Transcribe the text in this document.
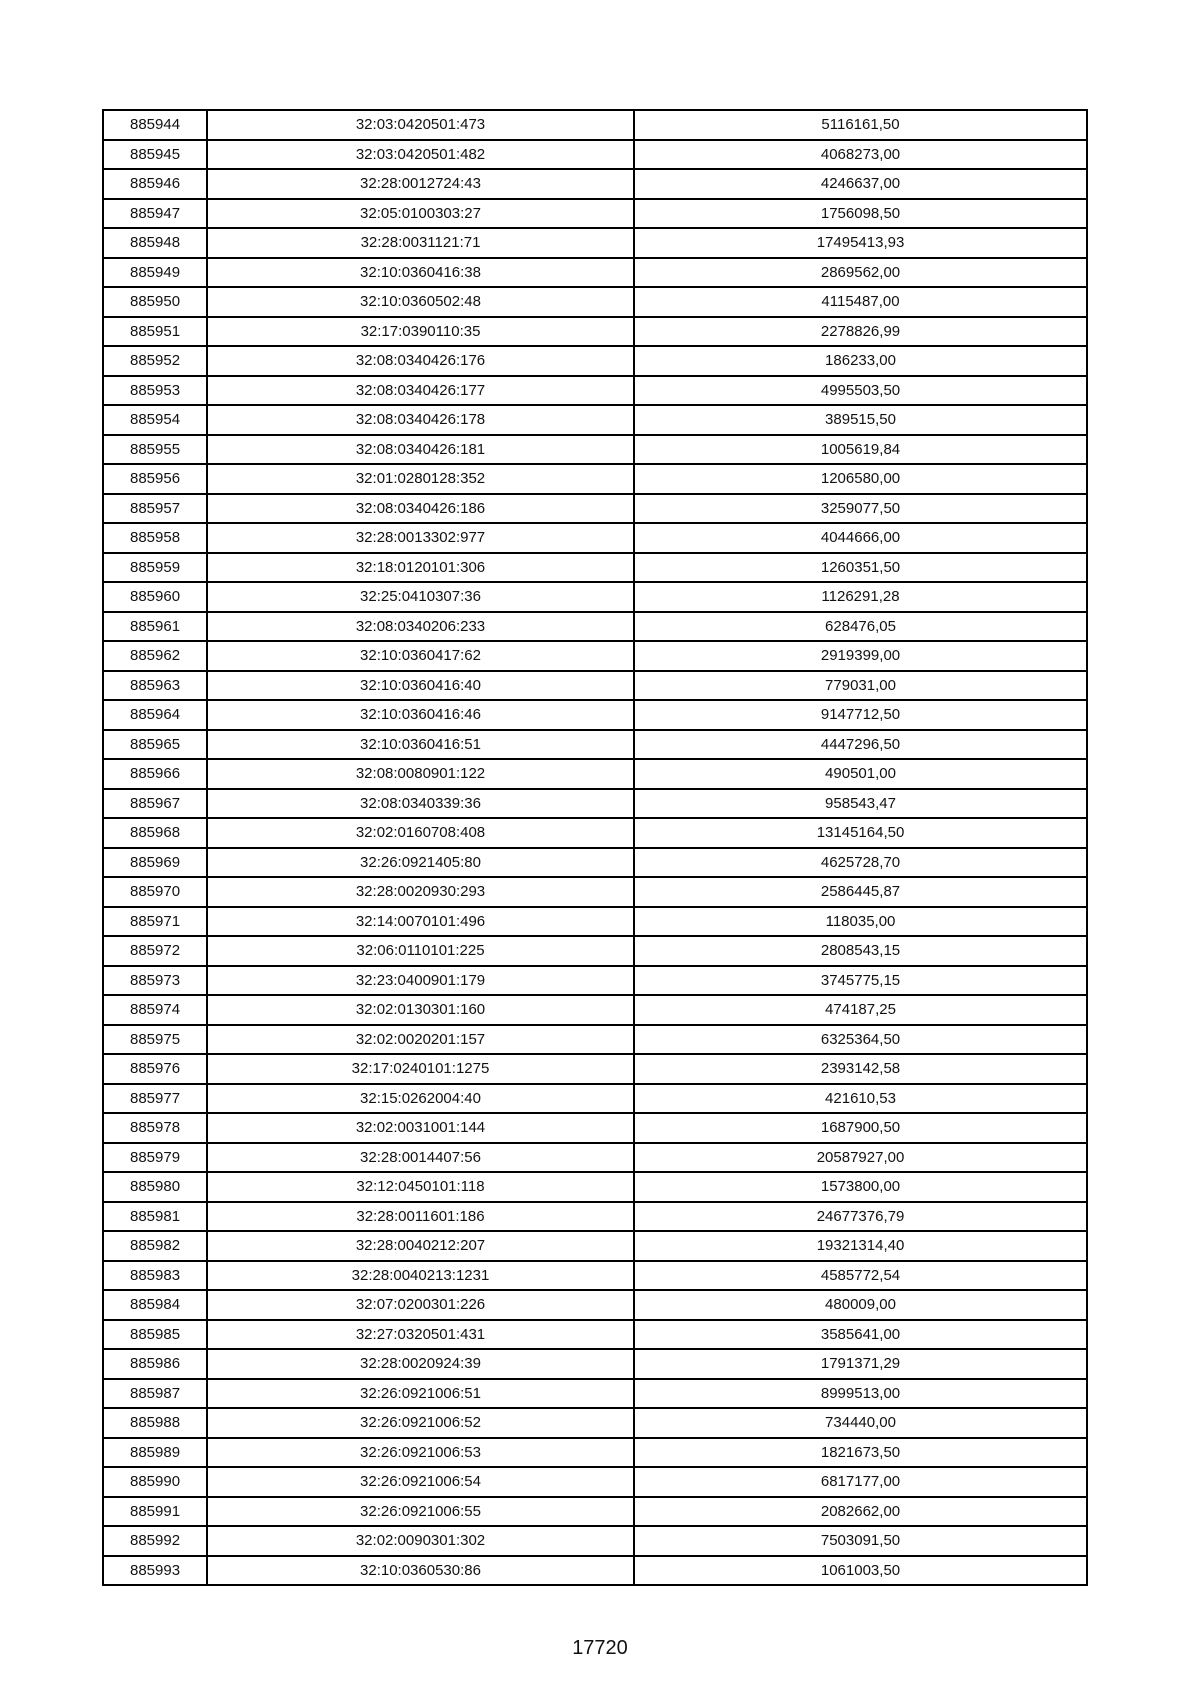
885944	32:03:0420501:473	5116161,50
885945	32:03:0420501:482	4068273,00
885946	32:28:0012724:43	4246637,00
885947	32:05:0100303:27	1756098,50
885948	32:28:0031121:71	17495413,93
885949	32:10:0360416:38	2869562,00
885950	32:10:0360502:48	4115487,00
885951	32:17:0390110:35	2278826,99
885952	32:08:0340426:176	186233,00
885953	32:08:0340426:177	4995503,50
885954	32:08:0340426:178	389515,50
885955	32:08:0340426:181	1005619,84
885956	32:01:0280128:352	1206580,00
885957	32:08:0340426:186	3259077,50
885958	32:28:0013302:977	4044666,00
885959	32:18:0120101:306	1260351,50
885960	32:25:0410307:36	1126291,28
885961	32:08:0340206:233	628476,05
885962	32:10:0360417:62	2919399,00
885963	32:10:0360416:40	779031,00
885964	32:10:0360416:46	9147712,50
885965	32:10:0360416:51	4447296,50
885966	32:08:0080901:122	490501,00
885967	32:08:0340339:36	958543,47
885968	32:02:0160708:408	13145164,50
885969	32:26:0921405:80	4625728,70
885970	32:28:0020930:293	2586445,87
885971	32:14:0070101:496	118035,00
885972	32:06:0110101:225	2808543,15
885973	32:23:0400901:179	3745775,15
885974	32:02:0130301:160	474187,25
885975	32:02:0020201:157	6325364,50
885976	32:17:0240101:1275	2393142,58
885977	32:15:0262004:40	421610,53
885978	32:02:0031001:144	1687900,50
885979	32:28:0014407:56	20587927,00
885980	32:12:0450101:118	1573800,00
885981	32:28:0011601:186	24677376,79
885982	32:28:0040212:207	19321314,40
885983	32:28:0040213:1231	4585772,54
885984	32:07:0200301:226	480009,00
885985	32:27:0320501:431	3585641,00
885986	32:28:0020924:39	1791371,29
885987	32:26:0921006:51	8999513,00
885988	32:26:0921006:52	734440,00
885989	32:26:0921006:53	1821673,50
885990	32:26:0921006:54	6817177,00
885991	32:26:0921006:55	2082662,00
885992	32:02:0090301:302	7503091,50
885993	32:10:0360530:86	1061003,50
17720
